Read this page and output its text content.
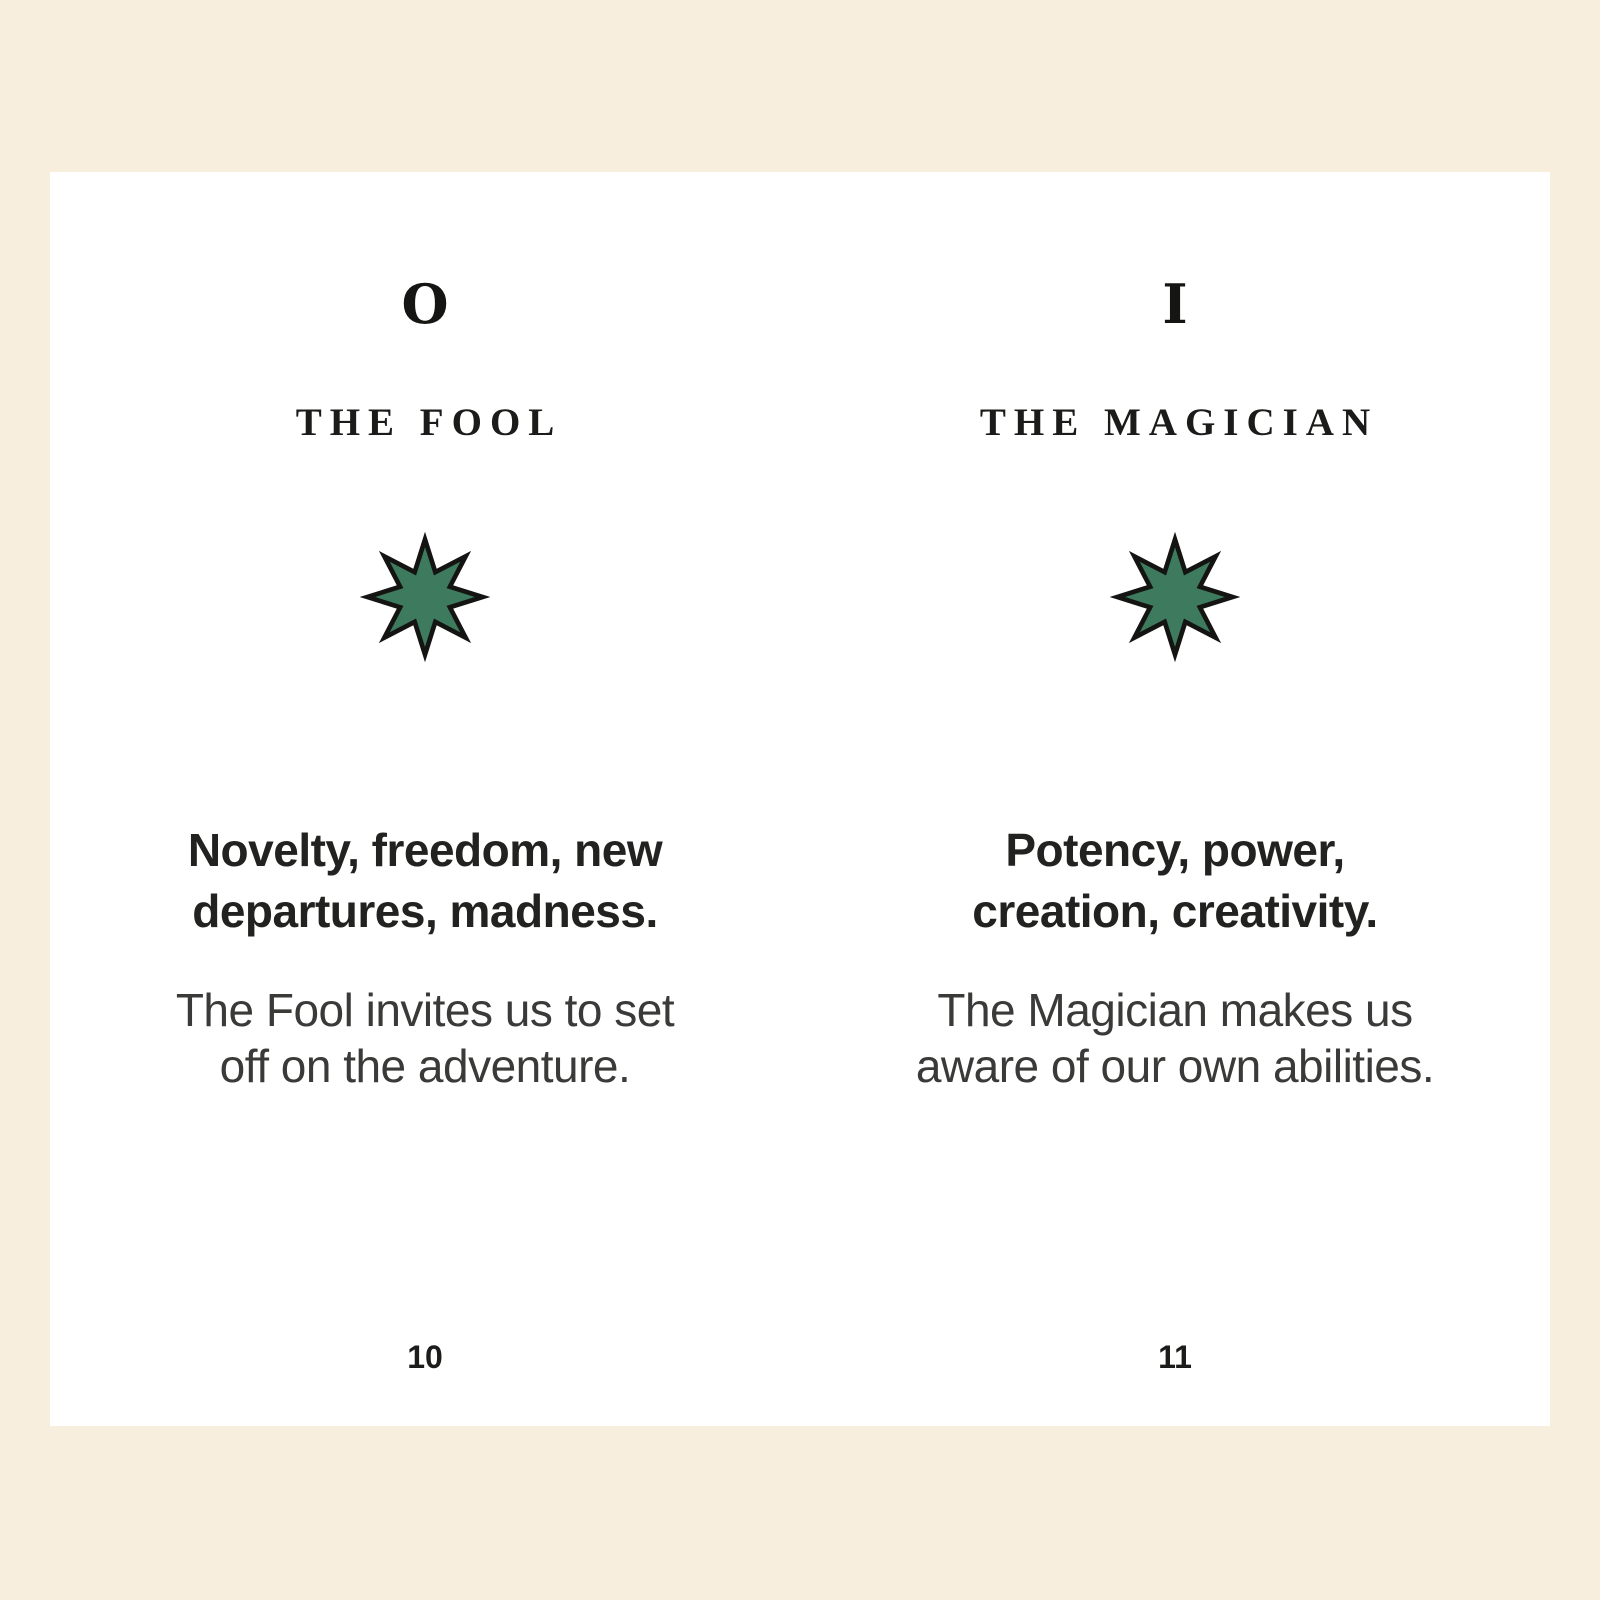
O
THE FOOL

Novelty, freedom, new
departures, madness.

The Fool invites us to set
off on the adventure.

10
I
THE MAGICIAN

Potency, power,
creation, creativity.

The Magician makes us
aware of our own abilities.

11
